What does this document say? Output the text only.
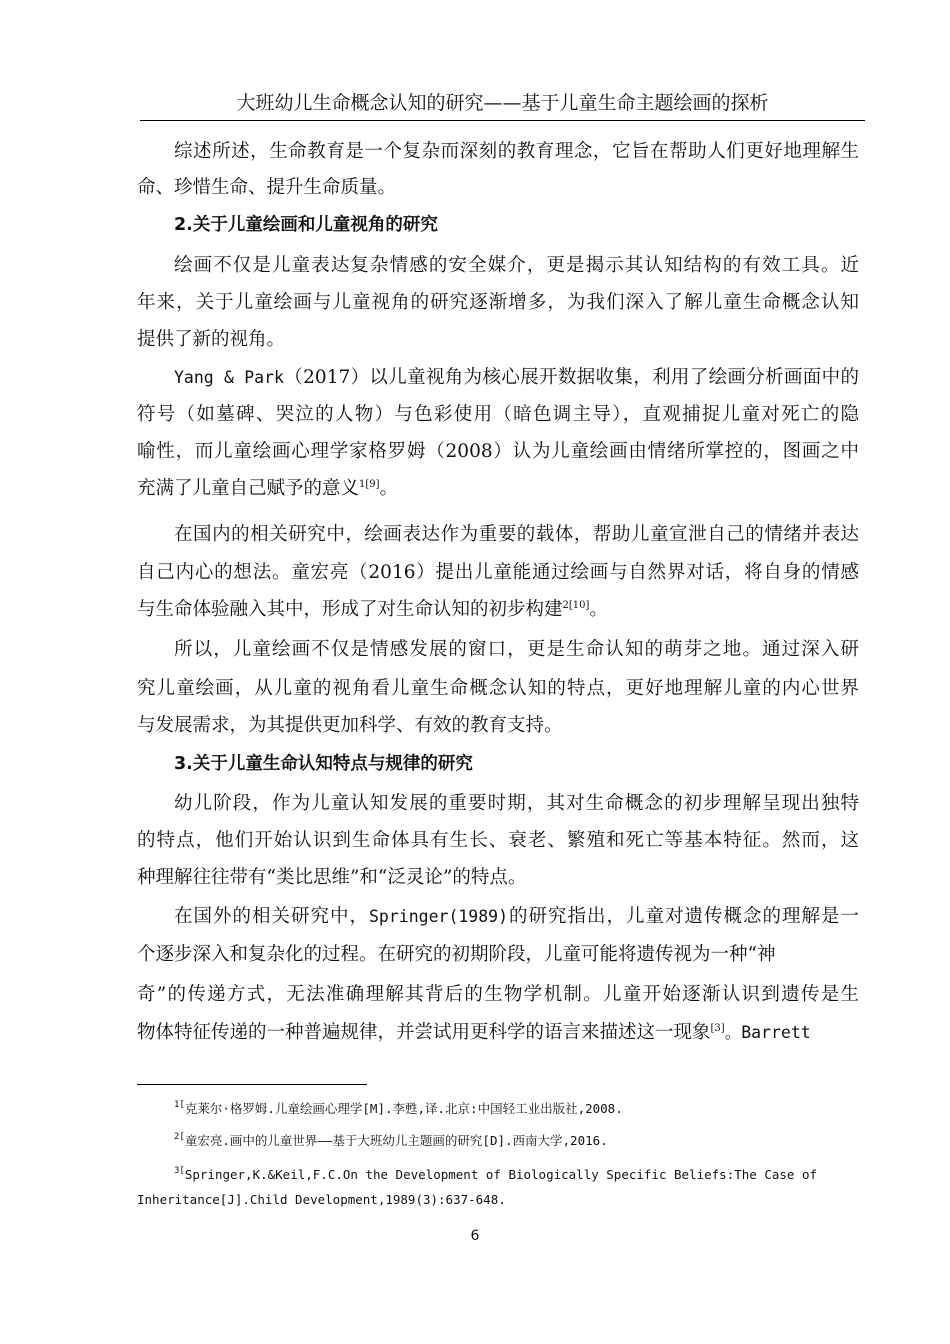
大班幼儿生命概念认知的研究——基于儿童生命主题绘画的探析
综述所述，生命教育是一个复杂而深刻的教育理念，它旨在帮助人们更好地理解生
命、珍惜生命、提升生命质量。
2.关于儿童绘画和儿童视角的研究
绘画不仅是儿童表达复杂情感的安全媒介，更是揭示其认知结构的有效工具。近
年来，关于儿童绘画与儿童视角的研究逐渐增多，为我们深入了解儿童生命概念认知
提供了新的视角。
Yang & Park（2017）以儿童视角为核心展开数据收集，利用了绘画分析画面中的
符号（如墓碑、哭泣的人物）与色彩使用（暗色调主导），直观捕捉儿童对死亡的隐
喻性，而儿童绘画心理学家格罗姆（2008）认为儿童绘画由情绪所掌控的，图画之中
充满了儿童自己赋予的意义$^{1[9]}$。
在国内的相关研究中，绘画表达作为重要的载体，帮助儿童宣泄自己的情绪并表达
自己内心的想法。童宏亮（2016）提出儿童能通过绘画与自然界对话，将自身的情感
与生命体验融入其中，形成了对生命认知的初步构建$^{2[10]}$。
所以，儿童绘画不仅是情感发展的窗口，更是生命认知的萌芽之地。通过深入研
究儿童绘画，从儿童的视角看儿童生命概念认知的特点，更好地理解儿童的内心世界
与发展需求，为其提供更加科学、有效的教育支持。
3.关于儿童生命认知特点与规律的研究
幼儿阶段，作为儿童认知发展的重要时期，其对生命概念的初步理解呈现出独特
的特点，他们开始认识到生命体具有生长、衰老、繁殖和死亡等基本特征。然而，这
种理解往往带有“类比思维”和“泛灵论”的特点。
在国外的相关研究中，Springer(1989)的研究指出，儿童对遗传概念的理解是一
个逐步深入和复杂化的过程。在研究的初期阶段，儿童可能将遗传视为一种“神
奇”的传递方式，无法准确理解其背后的生物学机制。儿童开始逐渐认识到遗传是生
物体特征传递的一种普遍规律，并尝试用更科学的语言来描述这一现象[3]。Barrett
$^{1[}$克莱尔·格罗姆.儿童绘画心理学[M].李甦,译.北京:中国轻工业出版社,2008.
$^{2[}$童宏亮.画中的儿童世界——基于大班幼儿主题画的研究[D].西南大学,2016.
$^{3[}$Springer,K.&Keil,F.C.On the Development of Biologically Specific Beliefs:The Case of
Inheritance[J].Child Development,1989(3):637-648.
6
